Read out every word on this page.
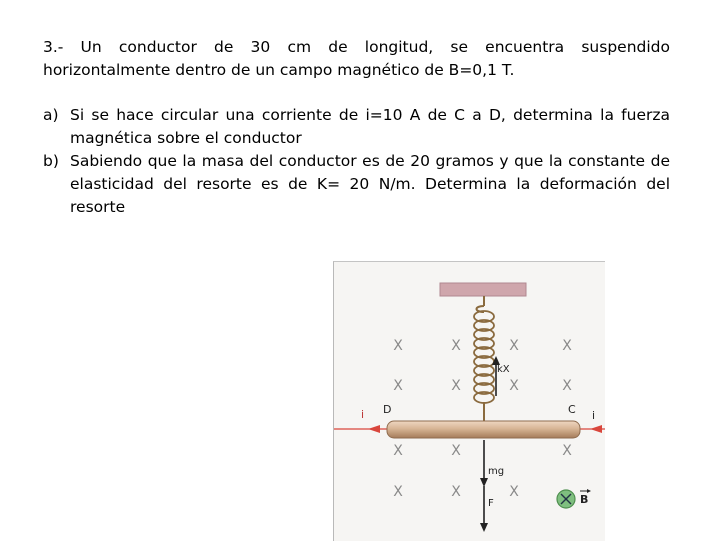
3.- Un conductor de 30 cm de longitud, se encuentra suspendido horizontalmente dentro de un campo magnético de B=0,1 T.

a) Si se hace circular una corriente de i=10 A de C a D, determina la fuerza magnética sobre el conductor
b) Sabiendo que la masa del conductor es de 20 gramos y que la constante de elasticidad del resorte es de K= 20 N/m. Determina la deformación del resorte
X	X	X	X
X	X	X	X
X	X	X
X	X	X
kX
D	C i
i
mg
F	B
